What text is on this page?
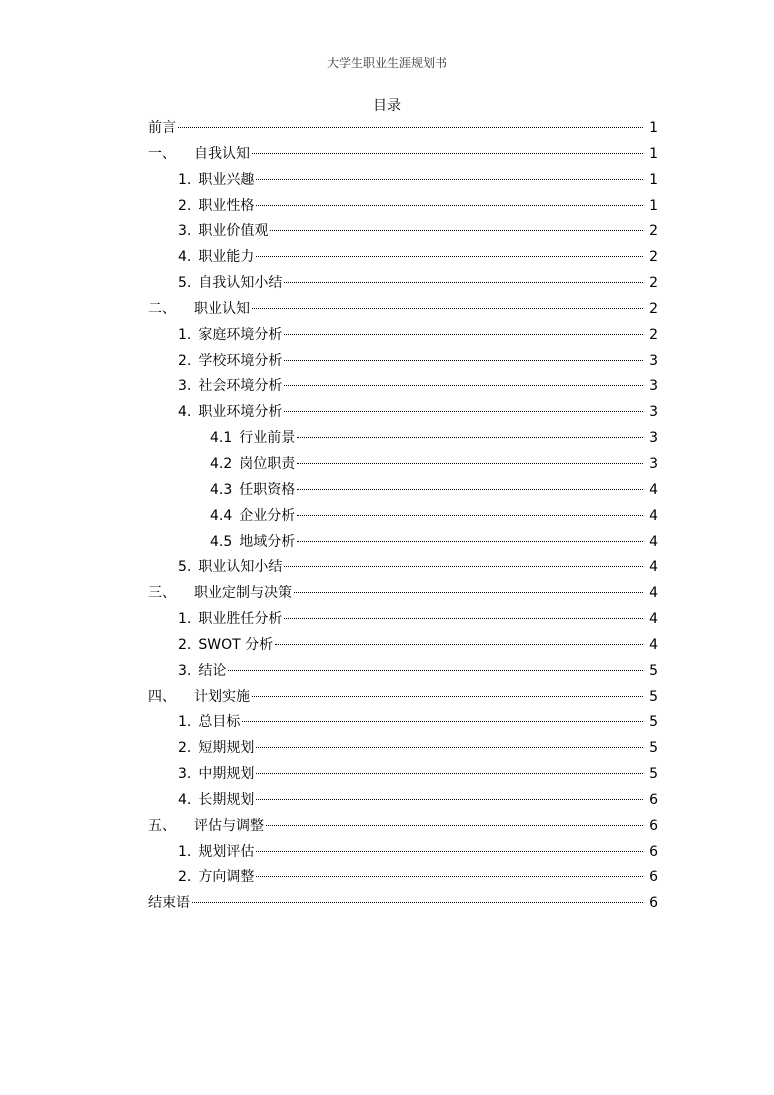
大学生职业生涯规划书
目录
前言	1
一、 自我认知	1
1. 职业兴趣	1
2. 职业性格	1
3. 职业价值观	2
4. 职业能力	2
5. 自我认知小结	2
二、 职业认知	2
1. 家庭环境分析	2
2. 学校环境分析	3
3. 社会环境分析	3
4. 职业环境分析	3
4.1 行业前景	3
4.2 岗位职责	3
4.3 任职资格	4
4.4 企业分析	4
4.5 地域分析	4
5. 职业认知小结	4
三、 职业定制与决策	4
1. 职业胜任分析	4
2. SWOT 分析	4
3. 结论	5
四、 计划实施	5
1. 总目标	5
2. 短期规划	5
3. 中期规划	5
4. 长期规划	6
五、 评估与调整	6
1. 规划评估	6
2. 方向调整	6
结束语	6
